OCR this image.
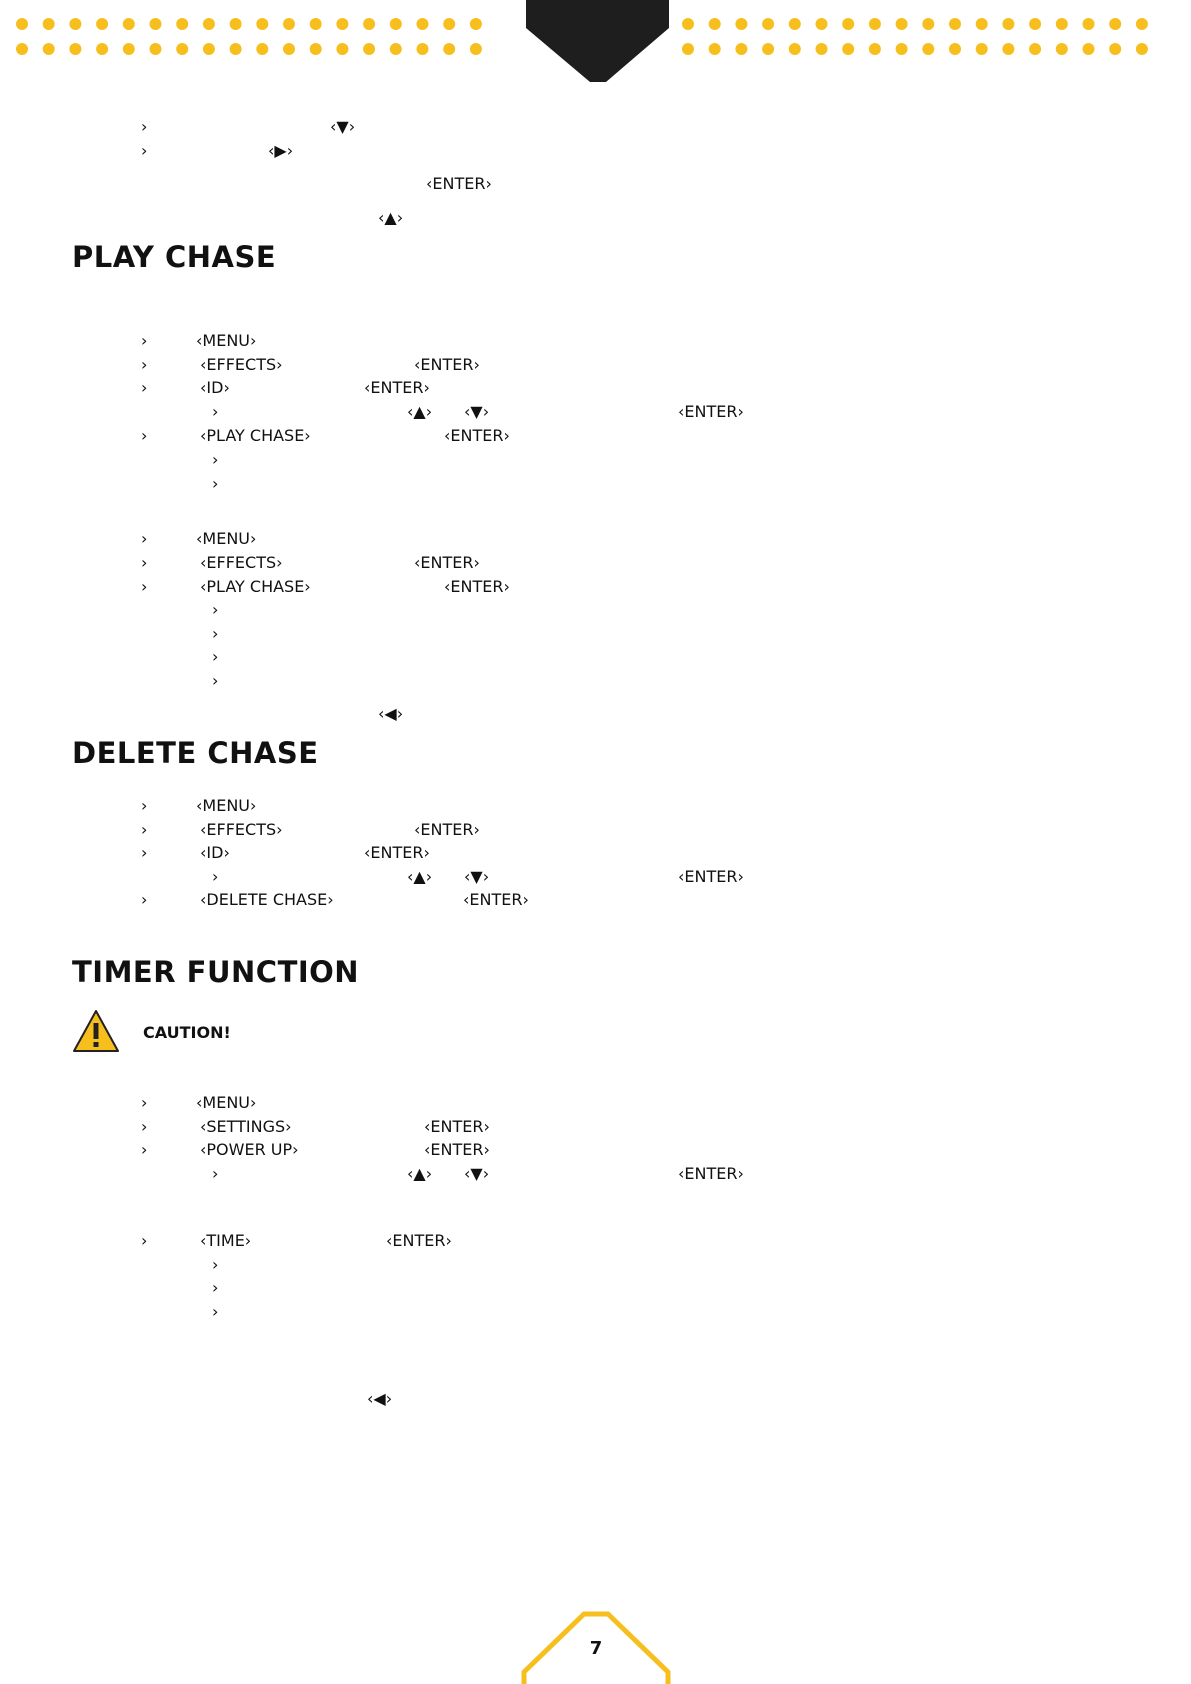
›	‹▼›
›	‹▶›
‹ENTER›
‹▲›
PLAY CHASE
›	‹MENU›
›	‹EFFECTS›	‹ENTER›
›	‹ID›	‹ENTER›
›	‹▲› ‹▼›	‹ENTER›
›	‹PLAY CHASE›	‹ENTER›
›
›
›	‹MENU›
›	‹EFFECTS›	‹ENTER›
›	‹PLAY CHASE›	‹ENTER›
›
›
›
›
‹◀›
DELETE CHASE
›	‹MENU›
›	‹EFFECTS›	‹ENTER›
›	‹ID›	‹ENTER›
›	‹▲› ‹▼›	‹ENTER›
›	‹DELETE CHASE›	‹ENTER›
TIMER FUNCTION
CAUTION!
›	‹MENU›
›	‹SETTINGS›	‹ENTER›
›	‹POWER UP›	‹ENTER›
›	‹▲› ‹▼›	‹ENTER›
›	‹TIME›	‹ENTER›
›
›
›
‹◀›
7
